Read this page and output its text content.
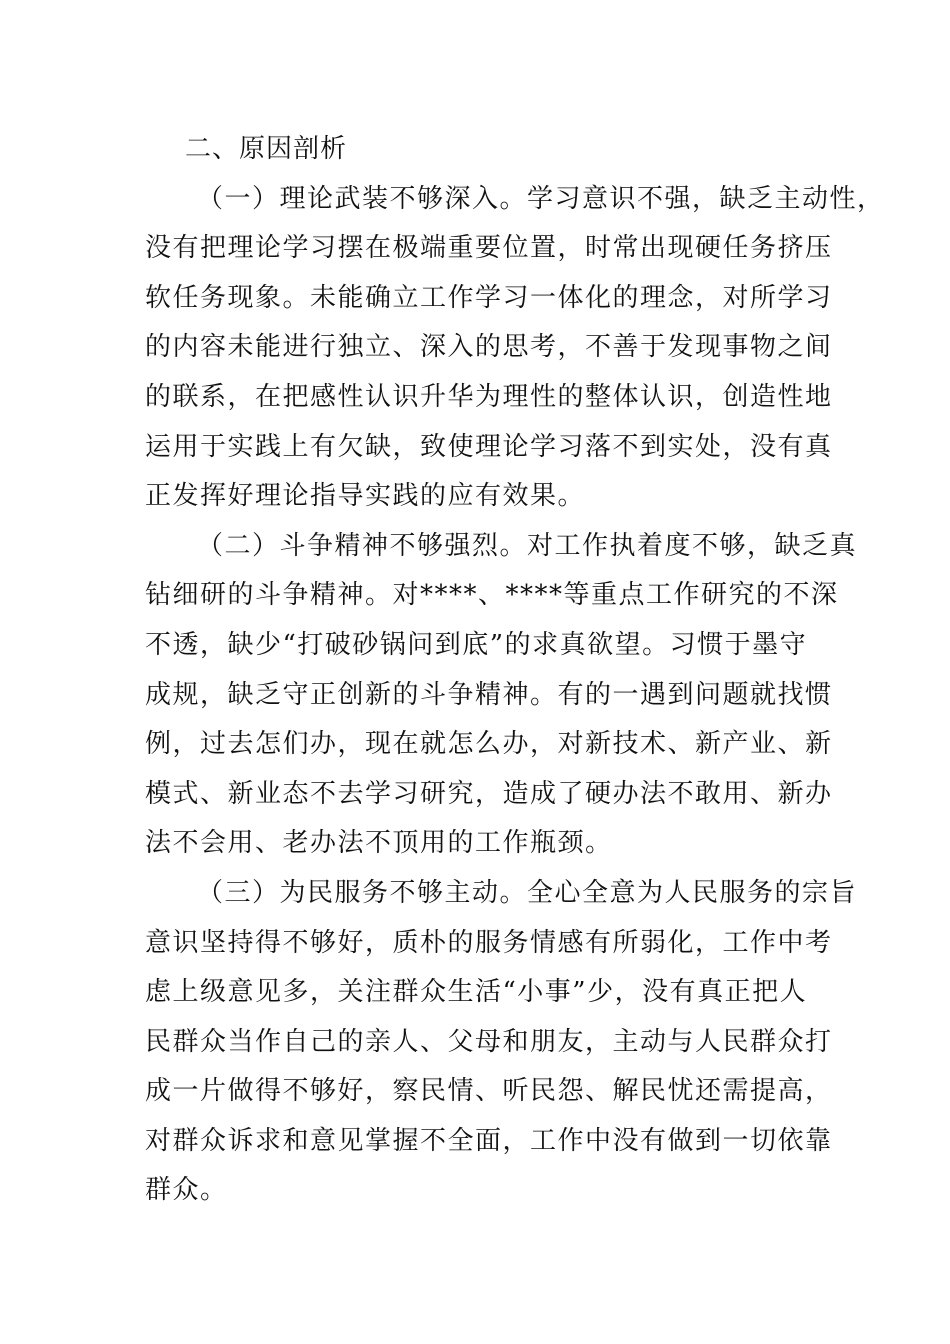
二、原因剖析

（一）理论武装不够深入。学习意识不强，缺乏主动性，
没有把理论学习摆在极端重要位置，时常出现硬任务挤压
软任务现象。未能确立工作学习一体化的理念，对所学习
的内容未能进行独立、深入的思考，不善于发现事物之间
的联系，在把感性认识升华为理性的整体认识，创造性地
运用于实践上有欠缺，致使理论学习落不到实处，没有真
正发挥好理论指导实践的应有效果。
（二）斗争精神不够强烈。对工作执着度不够，缺乏真
钻细研的斗争精神。对****、****等重点工作研究的不深
不透，缺少“打破砂锅问到底”的求真欲望。习惯于墨守
成规，缺乏守正创新的斗争精神。有的一遇到问题就找惯
例，过去怎们办，现在就怎么办，对新技术、新产业、新
模式、新业态不去学习研究，造成了硬办法不敢用、新办
法不会用、老办法不顶用的工作瓶颈。
（三）为民服务不够主动。全心全意为人民服务的宗旨
意识坚持得不够好，质朴的服务情感有所弱化，工作中考
虑上级意见多，关注群众生活“小事”少，没有真正把人
民群众当作自己的亲人、父母和朋友，主动与人民群众打
成一片做得不够好，察民情、听民怨、解民忧还需提高，
对群众诉求和意见掌握不全面，工作中没有做到一切依靠
群众。
